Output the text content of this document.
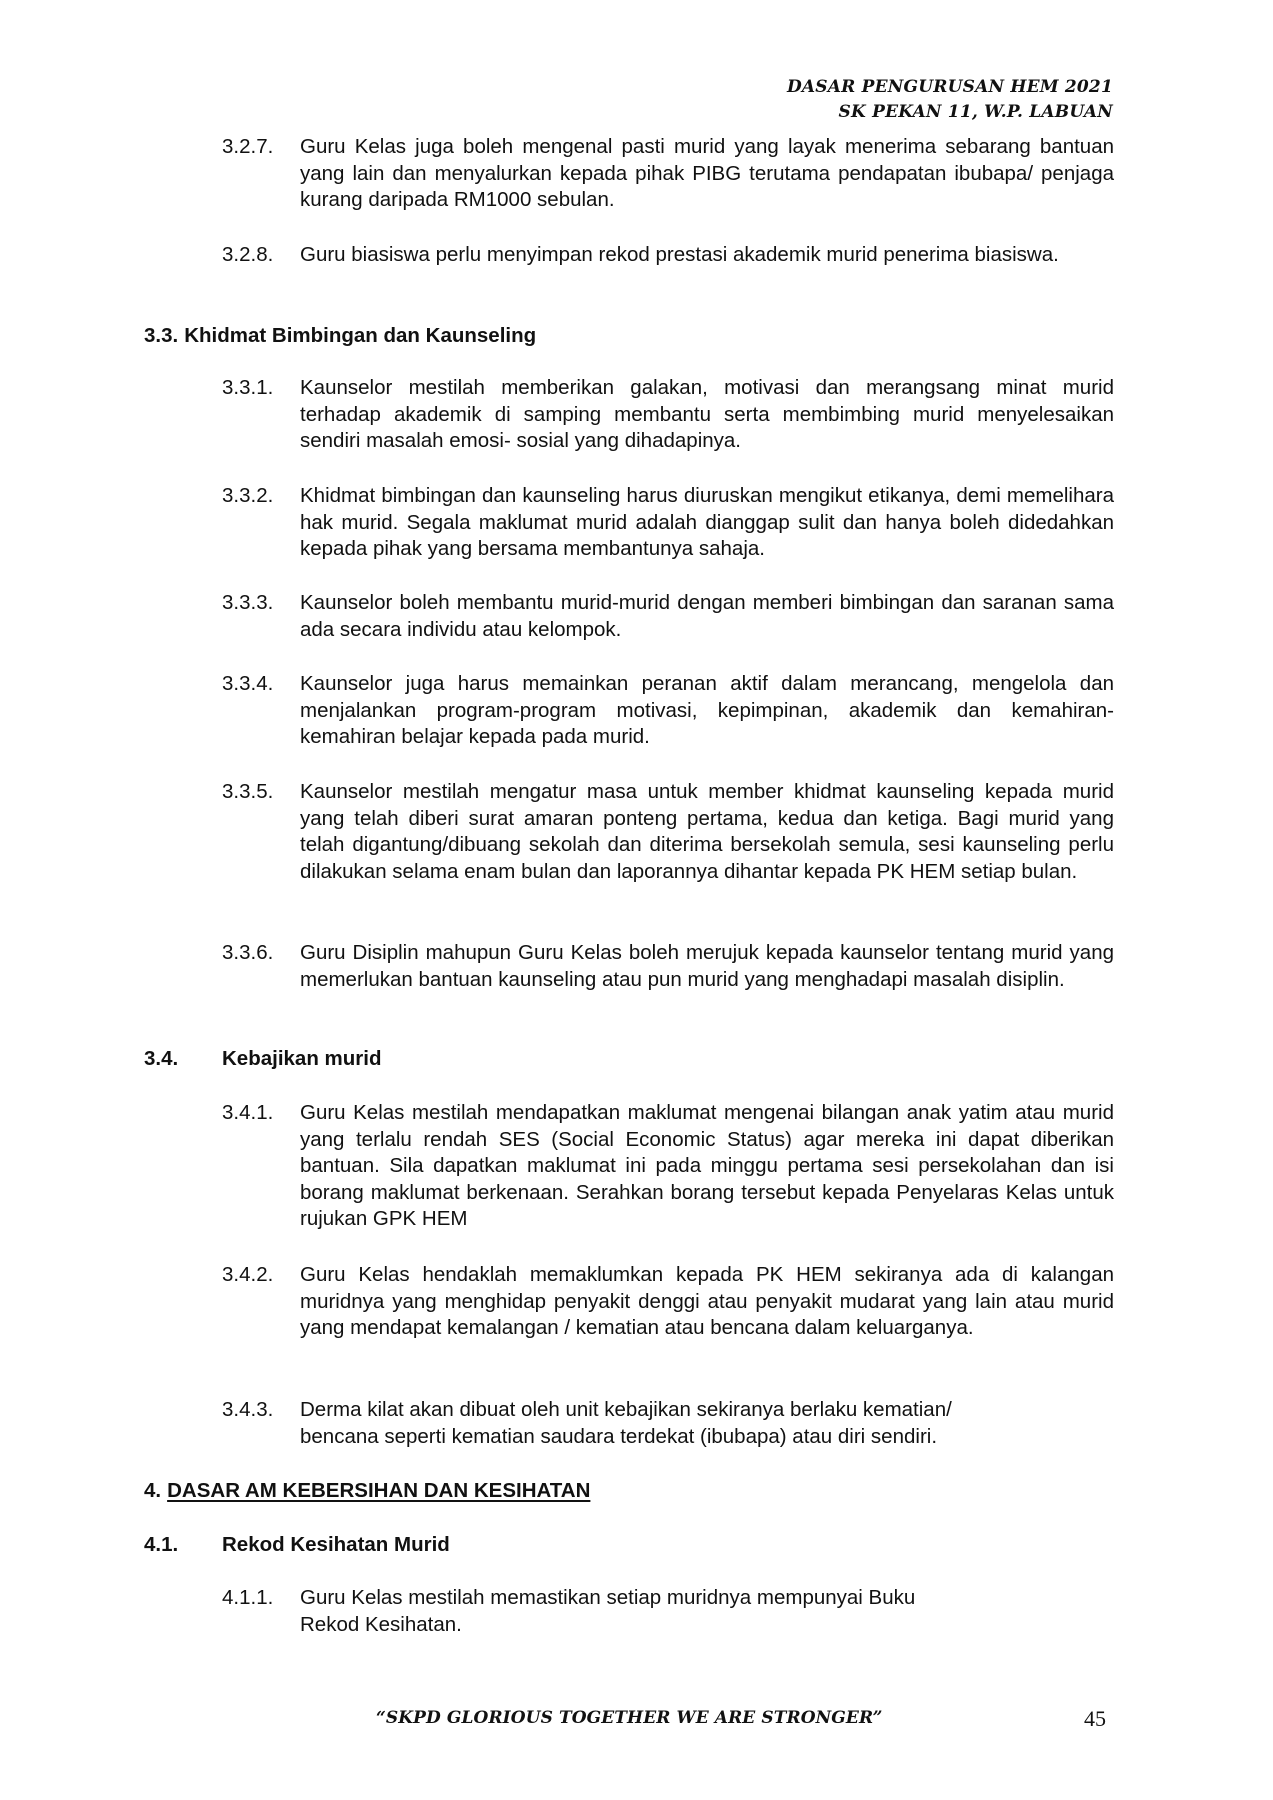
DASAR PENGURUSAN HEM 2021
SK PEKAN 11, W.P. LABUAN
3.2.7. Guru Kelas juga boleh mengenal pasti murid yang layak menerima sebarang bantuan yang lain dan menyalurkan kepada pihak PIBG terutama pendapatan ibubapa/ penjaga kurang daripada RM1000 sebulan.
3.2.8. Guru biasiswa perlu menyimpan rekod prestasi akademik murid penerima biasiswa.
3.3. Khidmat Bimbingan dan Kaunseling
3.3.1. Kaunselor mestilah memberikan galakan, motivasi dan merangsang minat murid terhadap akademik di samping membantu serta membimbing murid menyelesaikan sendiri masalah emosi- sosial yang dihadapinya.
3.3.2. Khidmat bimbingan dan kaunseling harus diuruskan mengikut etikanya, demi memelihara hak murid. Segala maklumat murid adalah dianggap sulit dan hanya boleh didedahkan kepada pihak yang bersama membantunya sahaja.
3.3.3. Kaunselor boleh membantu murid-murid dengan memberi bimbingan dan saranan sama ada secara individu atau kelompok.
3.3.4. Kaunselor juga harus memainkan peranan aktif dalam merancang, mengelola dan menjalankan program-program motivasi, kepimpinan, akademik dan kemahiran-kemahiran belajar kepada pada murid.
3.3.5. Kaunselor mestilah mengatur masa untuk member khidmat kaunseling kepada murid yang telah diberi surat amaran ponteng pertama, kedua dan ketiga. Bagi murid yang telah digantung/dibuang sekolah dan diterima bersekolah semula, sesi kaunseling perlu dilakukan selama enam bulan dan laporannya dihantar kepada PK HEM setiap bulan.
3.3.6. Guru Disiplin mahupun Guru Kelas boleh merujuk kepada kaunselor tentang murid yang memerlukan bantuan kaunseling atau pun murid yang menghadapi masalah disiplin.
3.4. Kebajikan murid
3.4.1. Guru Kelas mestilah mendapatkan maklumat mengenai bilangan anak yatim atau murid yang terlalu rendah SES (Social Economic Status) agar mereka ini dapat diberikan bantuan. Sila dapatkan maklumat ini pada minggu pertama sesi persekolahan dan isi borang maklumat berkenaan. Serahkan borang tersebut kepada Penyelaras Kelas untuk rujukan GPK HEM
3.4.2. Guru Kelas hendaklah memaklumkan kepada PK HEM sekiranya ada di kalangan muridnya yang menghidap penyakit denggi atau penyakit mudarat yang lain atau murid yang mendapat kemalangan / kematian atau bencana dalam keluarganya.
3.4.3. Derma kilat akan dibuat oleh unit kebajikan sekiranya berlaku kematian/
bencana seperti kematian saudara terdekat (ibubapa) atau diri sendiri.
4. DASAR AM KEBERSIHAN DAN KESIHATAN
4.1. Rekod Kesihatan Murid
4.1.1. Guru Kelas mestilah memastikan setiap muridnya mempunyai Buku
Rekod Kesihatan.
“SKPD GLORIOUS TOGETHER WE ARE STRONGER”	45
